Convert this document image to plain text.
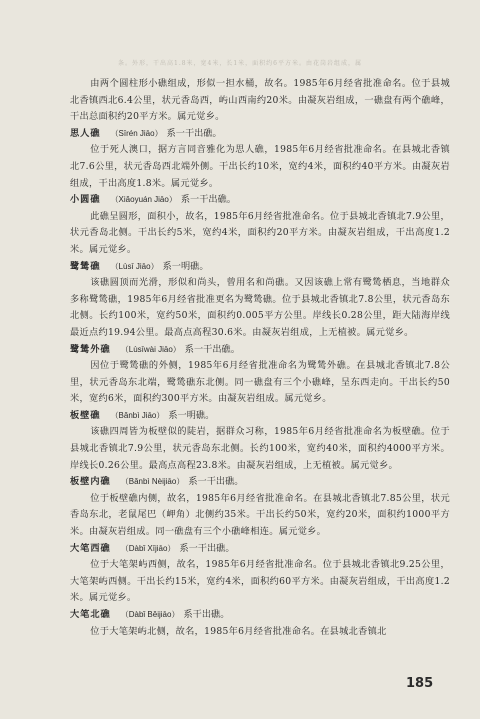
条。外形，干出高1.8米，宽4米，长1米，面积约6平方米。由花岗岩组成，属

由两个圆柱形小礁组成，形似一担水桶，故名。1985年6月经省批准命名。位于县城北香镇西北6.4公里，状元香岛西，屿山西南约20米。由凝灰岩组成，一礁盘有两个礁峰，干出总面积约20平方米。属元觉乡。

思人礁 （Sīrén Jiāo） 系一干出礁。

位于死人澳口，据方言同音雅化为思人礁，1985年6月经省批准命名。在县城北香镇北7.6公里，状元香岛西北端外侧。干出长约10米，宽约4米，面积约40平方米。由凝灰岩组成，干出高度1.8米。属元觉乡。

小圆礁 （Xiǎoyuán Jiāo） 系一干出礁。

此礁呈圆形，面积小，故名，1985年6月经省批准命名。位于县城北香镇北7.9公里，状元香岛北侧。干出长约5米，宽约4米，面积约20平方米。由凝灰岩组成，干出高度1.2米。属元觉乡。

鹭鸶礁 （Lùsī Jiāo） 系一明礁。

该礁圆顶而光滑，形似和尚头，曾用名和尚礁。又因该礁上常有鹭鸶栖息，当地群众多称鹭鸶礁，1985年6月经省批准更名为鹭鸶礁。位于县城北香镇北7.8公里，状元香岛东北侧。长约100米，宽约50米，面积约0.005平方公里。岸线长0.28公里，距大陆海岸线最近点约19.94公里。最高点高程30.6米。由凝灰岩组成，上无植被。属元觉乡。

鹭鸶外礁 （Lùsīwài Jiāo） 系一干出礁。

因位于鹭鸶礁的外侧，1985年6月经省批准命名为鹭鸶外礁。在县城北香镇北7.8公里，状元香岛东北端，鹭鸶礁东北侧。同一礁盘有三个小礁峰，呈东西走向。干出长约50米，宽约6米，面积约300平方米。由凝灰岩组成。属元觉乡。

板壁礁 （Bǎnbì Jiāo） 系一明礁。

该礁四周皆为板壁似的陡岩，据群众习称，1985年6月经省批准命名为板壁礁。位于县城北香镇北7.9公里，状元香岛东北侧。长约100米，宽约40米，面积约4000平方米。岸线长0.26公里。最高点高程23.8米。由凝灰岩组成，上无植被。属元觉乡。

板壁内礁 （Bǎnbì Nèijiāo） 系一干出礁。

位于板壁礁内侧，故名，1985年6月经省批准命名。在县城北香镇北7.85公里，状元香岛东北，老鼠尾巴（岬角）北侧约35米。干出长约50米，宽约20米，面积约1000平方米。由凝灰岩组成。同一礁盘有三个小礁峰相连。属元觉乡。

大笔西礁 （Dàbǐ Xījiāo） 系一干出礁。

位于大笔架屿西侧，故名，1985年6月经省批准命名。位于县城北香镇北9.25公里，大笔架屿西侧。干出长约15米，宽约4米，面积约60平方米。由凝灰岩组成，干出高度1.2米。属元觉乡。

大笔北礁 （Dàbǐ Běijiāo） 系干出礁。

位于大笔架屿北侧，故名，1985年6月经省批准命名。在县城北香镇北

185
